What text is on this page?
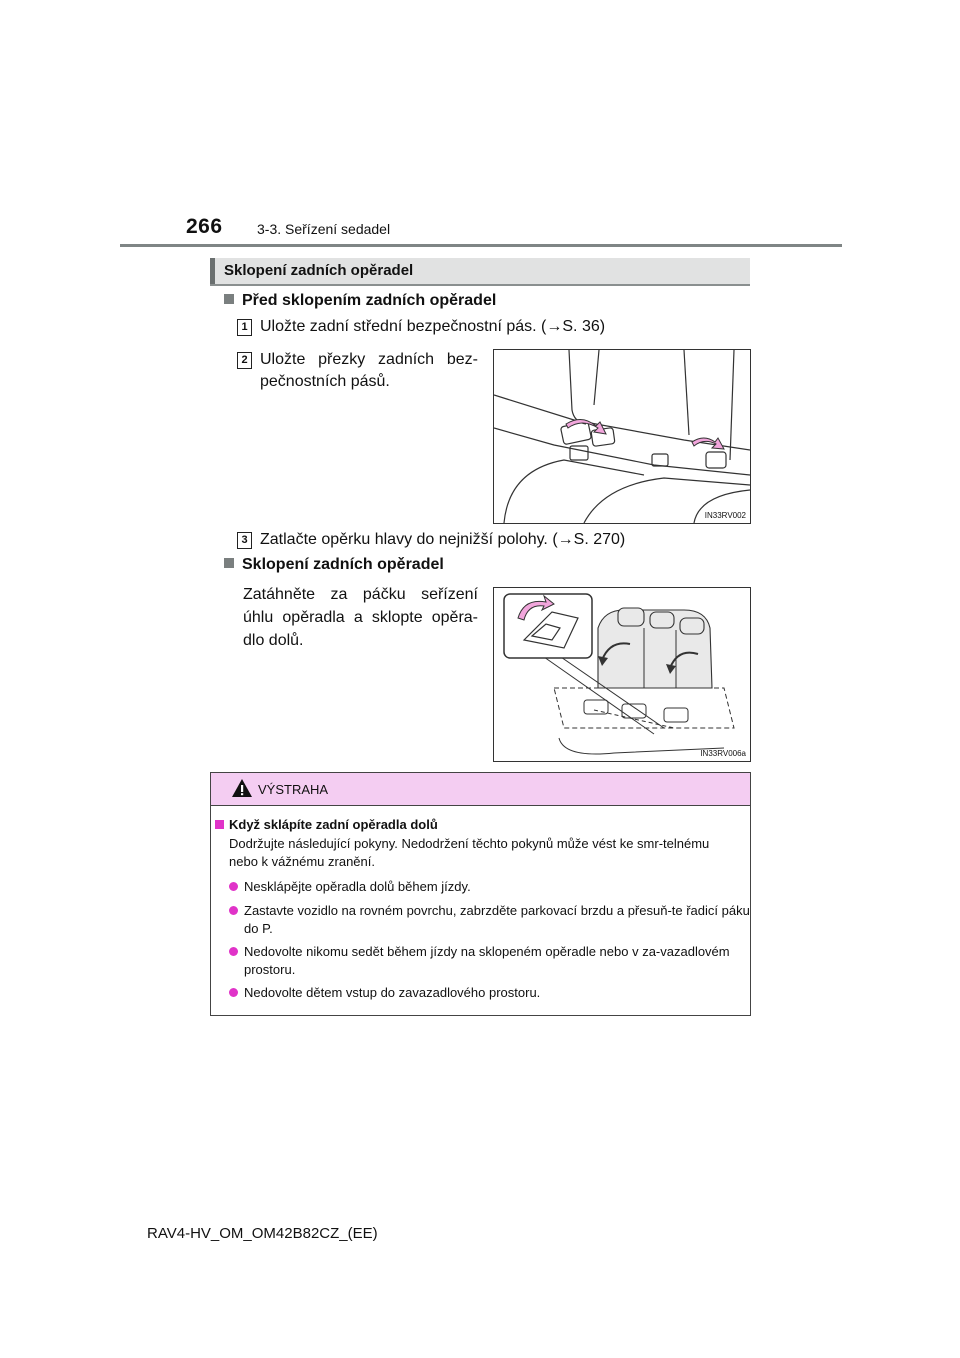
266 3-3. Seřízení sedadel
Sklopení zadních opěradel
Před sklopením zadních opěradel
1 Uložte zadní střední bezpečnostní pás. (→S. 36)
2 Uložte přezky zadních bez-pečnostních pásů.
IN33RV002
3 Zatlačte opěrku hlavy do nejnižší polohy. (→S. 270)
Sklopení zadních opěradel
Zatáhněte za páčku seřízení úhlu opěradla a sklopte opěra-dlo dolů.
IN33RV006a
VÝSTRAHA
Když sklápíte zadní opěradla dolů
Dodržujte následující pokyny. Nedodržení těchto pokynů může vést ke smr-telnému nebo k vážnému zranění.
Nesklápějte opěradla dolů během jízdy.
Zastavte vozidlo na rovném povrchu, zabrzděte parkovací brzdu a přesuň-te řadicí páku do P.
Nedovolte nikomu sedět během jízdy na sklopeném opěradle nebo v za-vazadlovém prostoru.
Nedovolte dětem vstup do zavazadlového prostoru.
RAV4-HV_OM_OM42B82CZ_(EE)
